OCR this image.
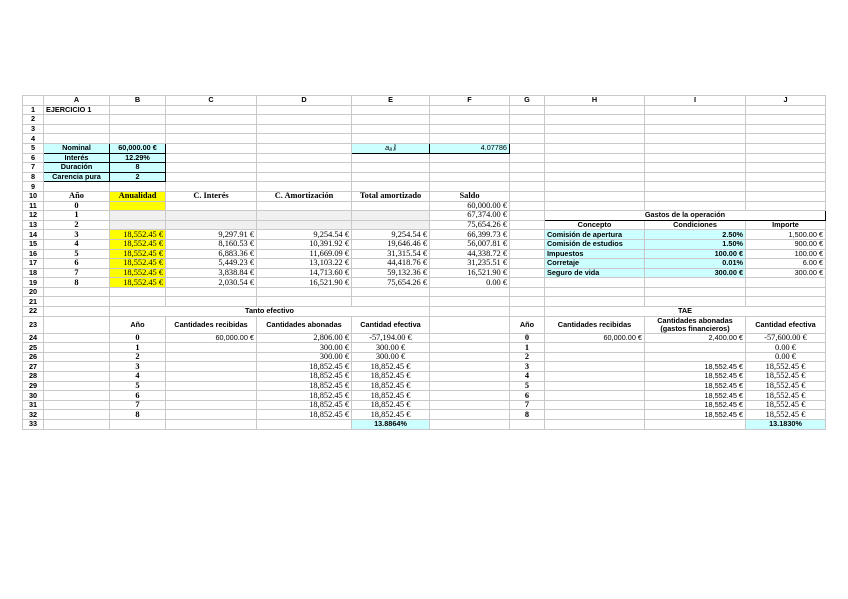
	A	B	C	D	E	F	G	H	I	J
1	EJERCICIO 1									
2										
3										
4										
5	Nominal	60,000.00 €			a₈⌉ᵢ	4.07786				
6	Interés	12.29%								
7	Duración	8								
8	Carencia pura	2								
9										
10	Año	Anualidad	C. Interés	C. Amortización	Total amortizado	Saldo				
11	0					60,000.00 €				
12	1					67,374.00 €		Gastos de la operación		
13	2					75,654.26 €		Concepto	Condiciones	Importe
14	3	18,552.45 €	9,297.91 €	9,254.54 €	9,254.54 €	66,399.73 €		Comisión de apertura	2.50%	1,500.00 €
15	4	18,552.45 €	8,160.53 €	10,391.92 €	19,646.46 €	56,007.81 €		Comisión de estudios	1.50%	900.00 €
16	5	18,552.45 €	6,883.36 €	11,669.09 €	31,315.54 €	44,338.72 €		Impuestos	100.00 €	100.00 €
17	6	18,552.45 €	5,449.23 €	13,103.22 €	44,418.76 €	31,235.51 €		Corretaje	0.01%	6.00 €
18	7	18,552.45 €	3,838.84 €	14,713.60 €	59,132.36 €	16,521.90 €		Seguro de vida	300.00 €	300.00 €
19	8	18,552.45 €	2,030.54 €	16,521.90 €	75,654.26 €	0.00 €				
20										
21										
22		Tanto efectivo						TAE		
23		Año	Cantidades recibidas	Cantidades abonadas	Cantidad efectiva		Año	Cantidades recibidas	Cantidades abonadas (gastos financieros)	Cantidad efectiva
24		0	60,000.00 €	2,806.00 €	-57,194.00 €		0	60,000.00 €	2,400.00 €	-57,600.00 €
25		1		300.00 €	300.00 €		1			0.00 €
26		2		300.00 €	300.00 €		2			0.00 €
27		3		18,852.45 €	18,852.45 €		3		18,552.45 €	18,552.45 €
28		4		18,852.45 €	18,852.45 €		4		18,552.45 €	18,552.45 €
29		5		18,852.45 €	18,852.45 €		5		18,552.45 €	18,552.45 €
30		6		18,852.45 €	18,852.45 €		6		18,552.45 €	18,552.45 €
31		7		18,852.45 €	18,852.45 €		7		18,552.45 €	18,552.45 €
32		8		18,852.45 €	18,852.45 €		8		18,552.45 €	18,552.45 €
33					13.8864%					13.1830%
